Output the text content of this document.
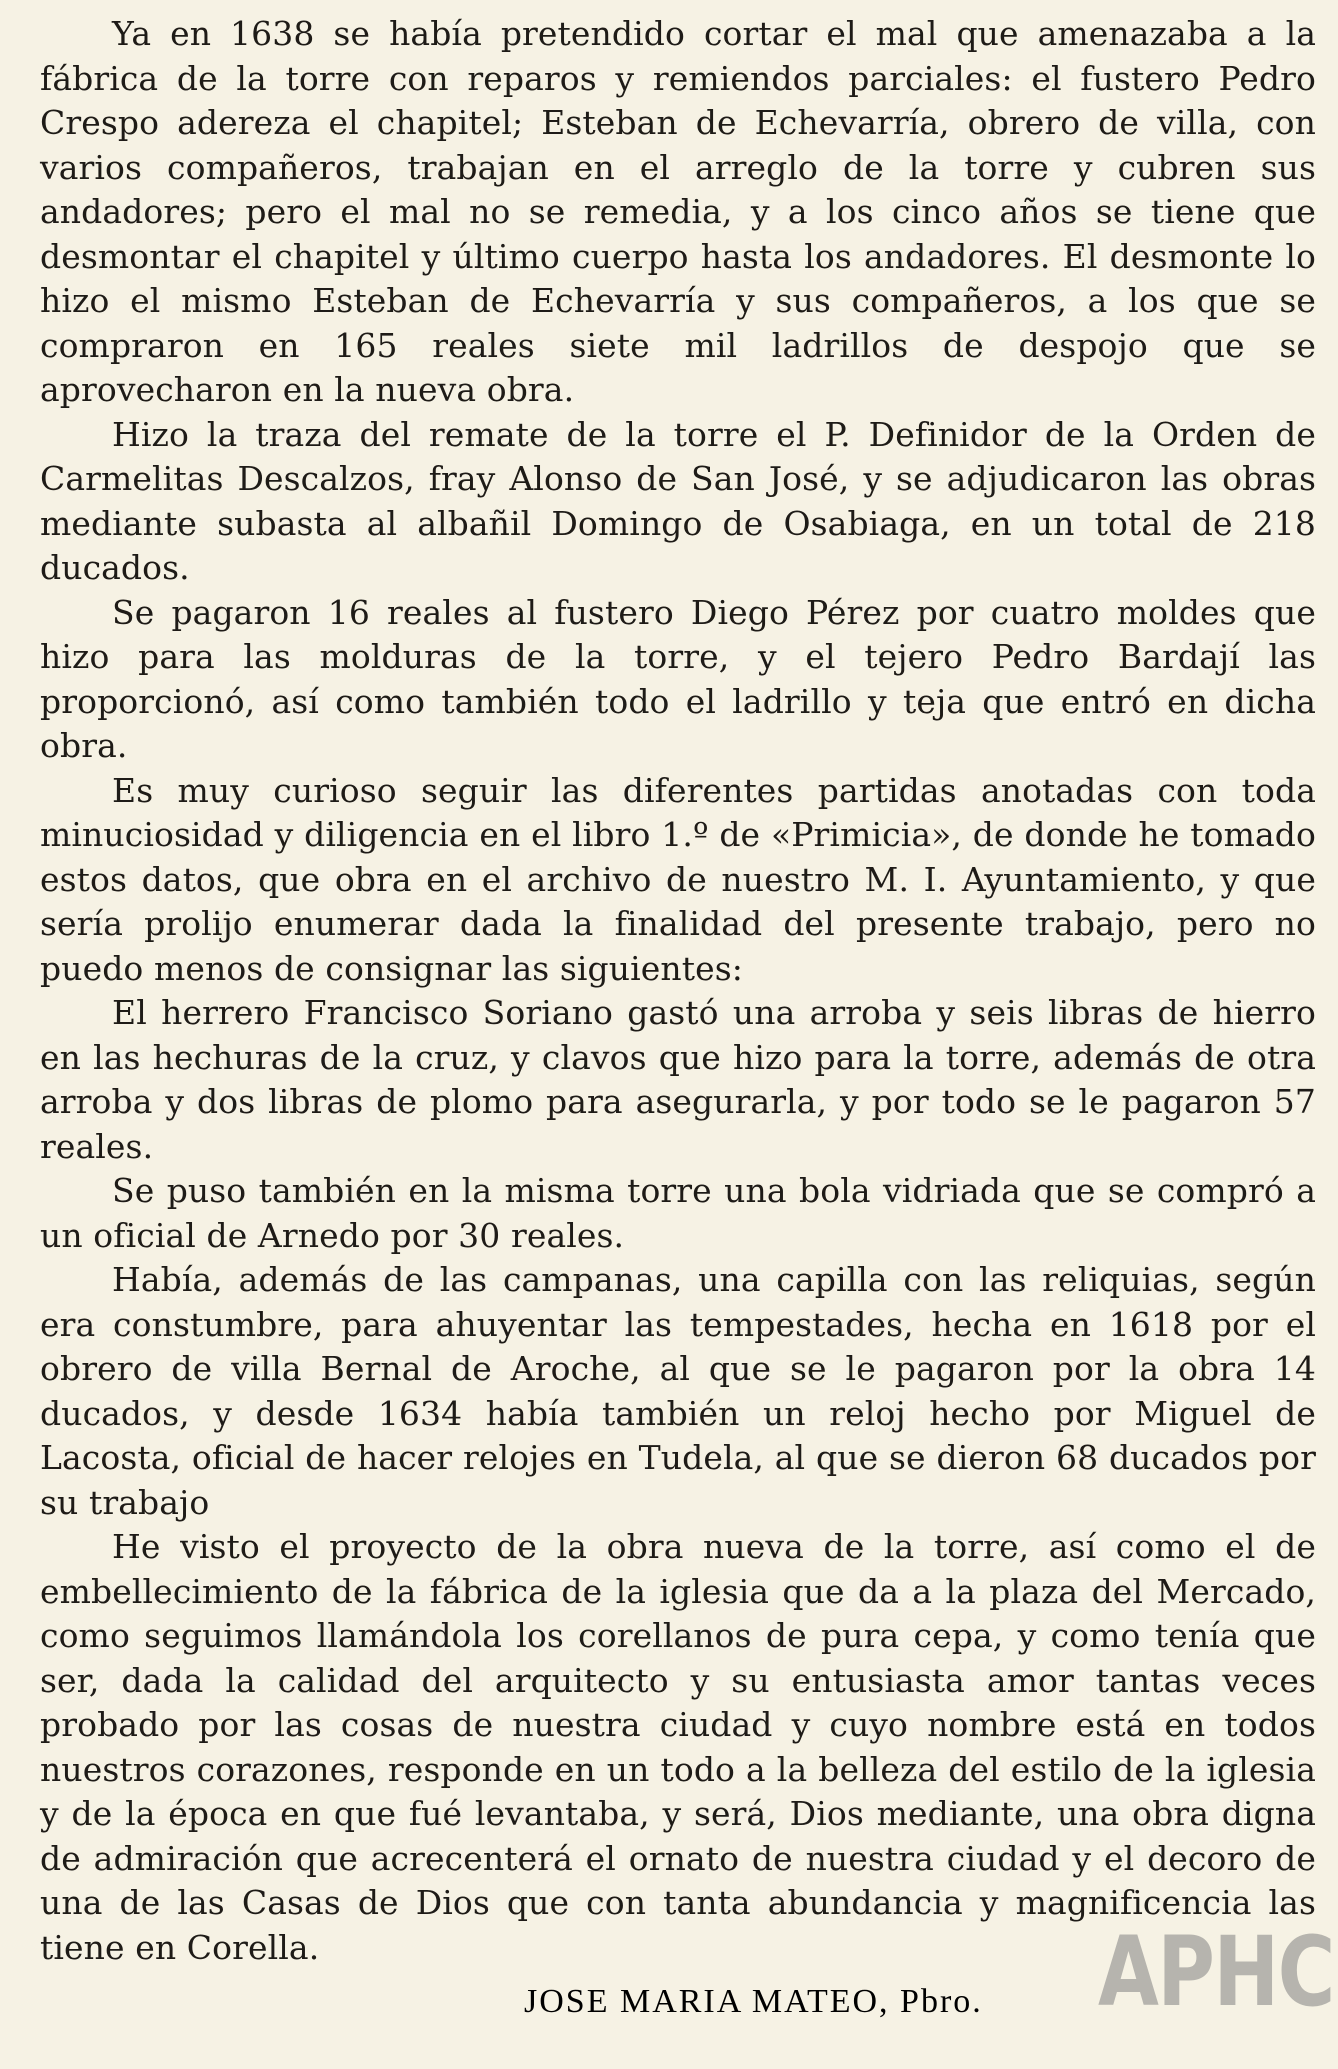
Ya en 1638 se había pretendido cortar el mal que amenazaba a la fábrica de la torre con reparos y remiendos parciales: el fustero Pedro Crespo adereza el chapitel; Esteban de Echevarría, obrero de villa, con varios compañeros, trabajan en el arreglo de la torre y cubren sus andadores; pero el mal no se remedia, y a los cinco años se tiene que desmontar el chapitel y último cuerpo hasta los andadores. El desmonte lo hizo el mismo Esteban de Echevarría y sus compañeros, a los que se compraron en 165 reales siete mil ladrillos de despojo que se aprovecharon en la nueva obra.

Hizo la traza del remate de la torre el P. Definidor de la Orden de Carmelitas Descalzos, fray Alonso de San José, y se adjudicaron las obras mediante subasta al albañil Domingo de Osabiaga, en un total de 218 ducados.

Se pagaron 16 reales al fustero Diego Pérez por cuatro moldes que hizo para las molduras de la torre, y el tejero Pedro Bardají las proporcionó, así como también todo el ladrillo y teja que entró en dicha obra.

Es muy curioso seguir las diferentes partidas anotadas con toda minuciosidad y diligencia en el libro 1.º de «Primicia», de donde he tomado estos datos, que obra en el archivo de nuestro M. I. Ayuntamiento, y que sería prolijo enumerar dada la finalidad del presente trabajo, pero no puedo menos de consignar las siguientes:

El herrero Francisco Soriano gastó una arroba y seis libras de hierro en las hechuras de la cruz, y clavos que hizo para la torre, además de otra arroba y dos libras de plomo para asegurarla, y por todo se le pagaron 57 reales.

Se puso también en la misma torre una bola vidriada que se compró a un oficial de Arnedo por 30 reales.

Había, además de las campanas, una capilla con las reliquias, según era constumbre, para ahuyentar las tempestades, hecha en 1618 por el obrero de villa Bernal de Aroche, al que se le pagaron por la obra 14 ducados, y desde 1634 había también un reloj hecho por Miguel de Lacosta, oficial de hacer relojes en Tudela, al que se dieron 68 ducados por su trabajo

He visto el proyecto de la obra nueva de la torre, así como el de embellecimiento de la fábrica de la iglesia que da a la plaza del Mercado, como seguimos llamándola los corellanos de pura cepa, y como tenía que ser, dada la calidad del arquitecto y su entusiasta amor tantas veces probado por las cosas de nuestra ciudad y cuyo nombre está en todos nuestros corazones, responde en un todo a la belleza del estilo de la iglesia y de la época en que fué levantaba, y será, Dios mediante, una obra digna de admiración que acrecenterá el ornato de nuestra ciudad y el decoro de una de las Casas de Dios que con tanta abundancia y magnificencia las tiene en Corella.

JOSE MARIA MATEO, Pbro. APHC
